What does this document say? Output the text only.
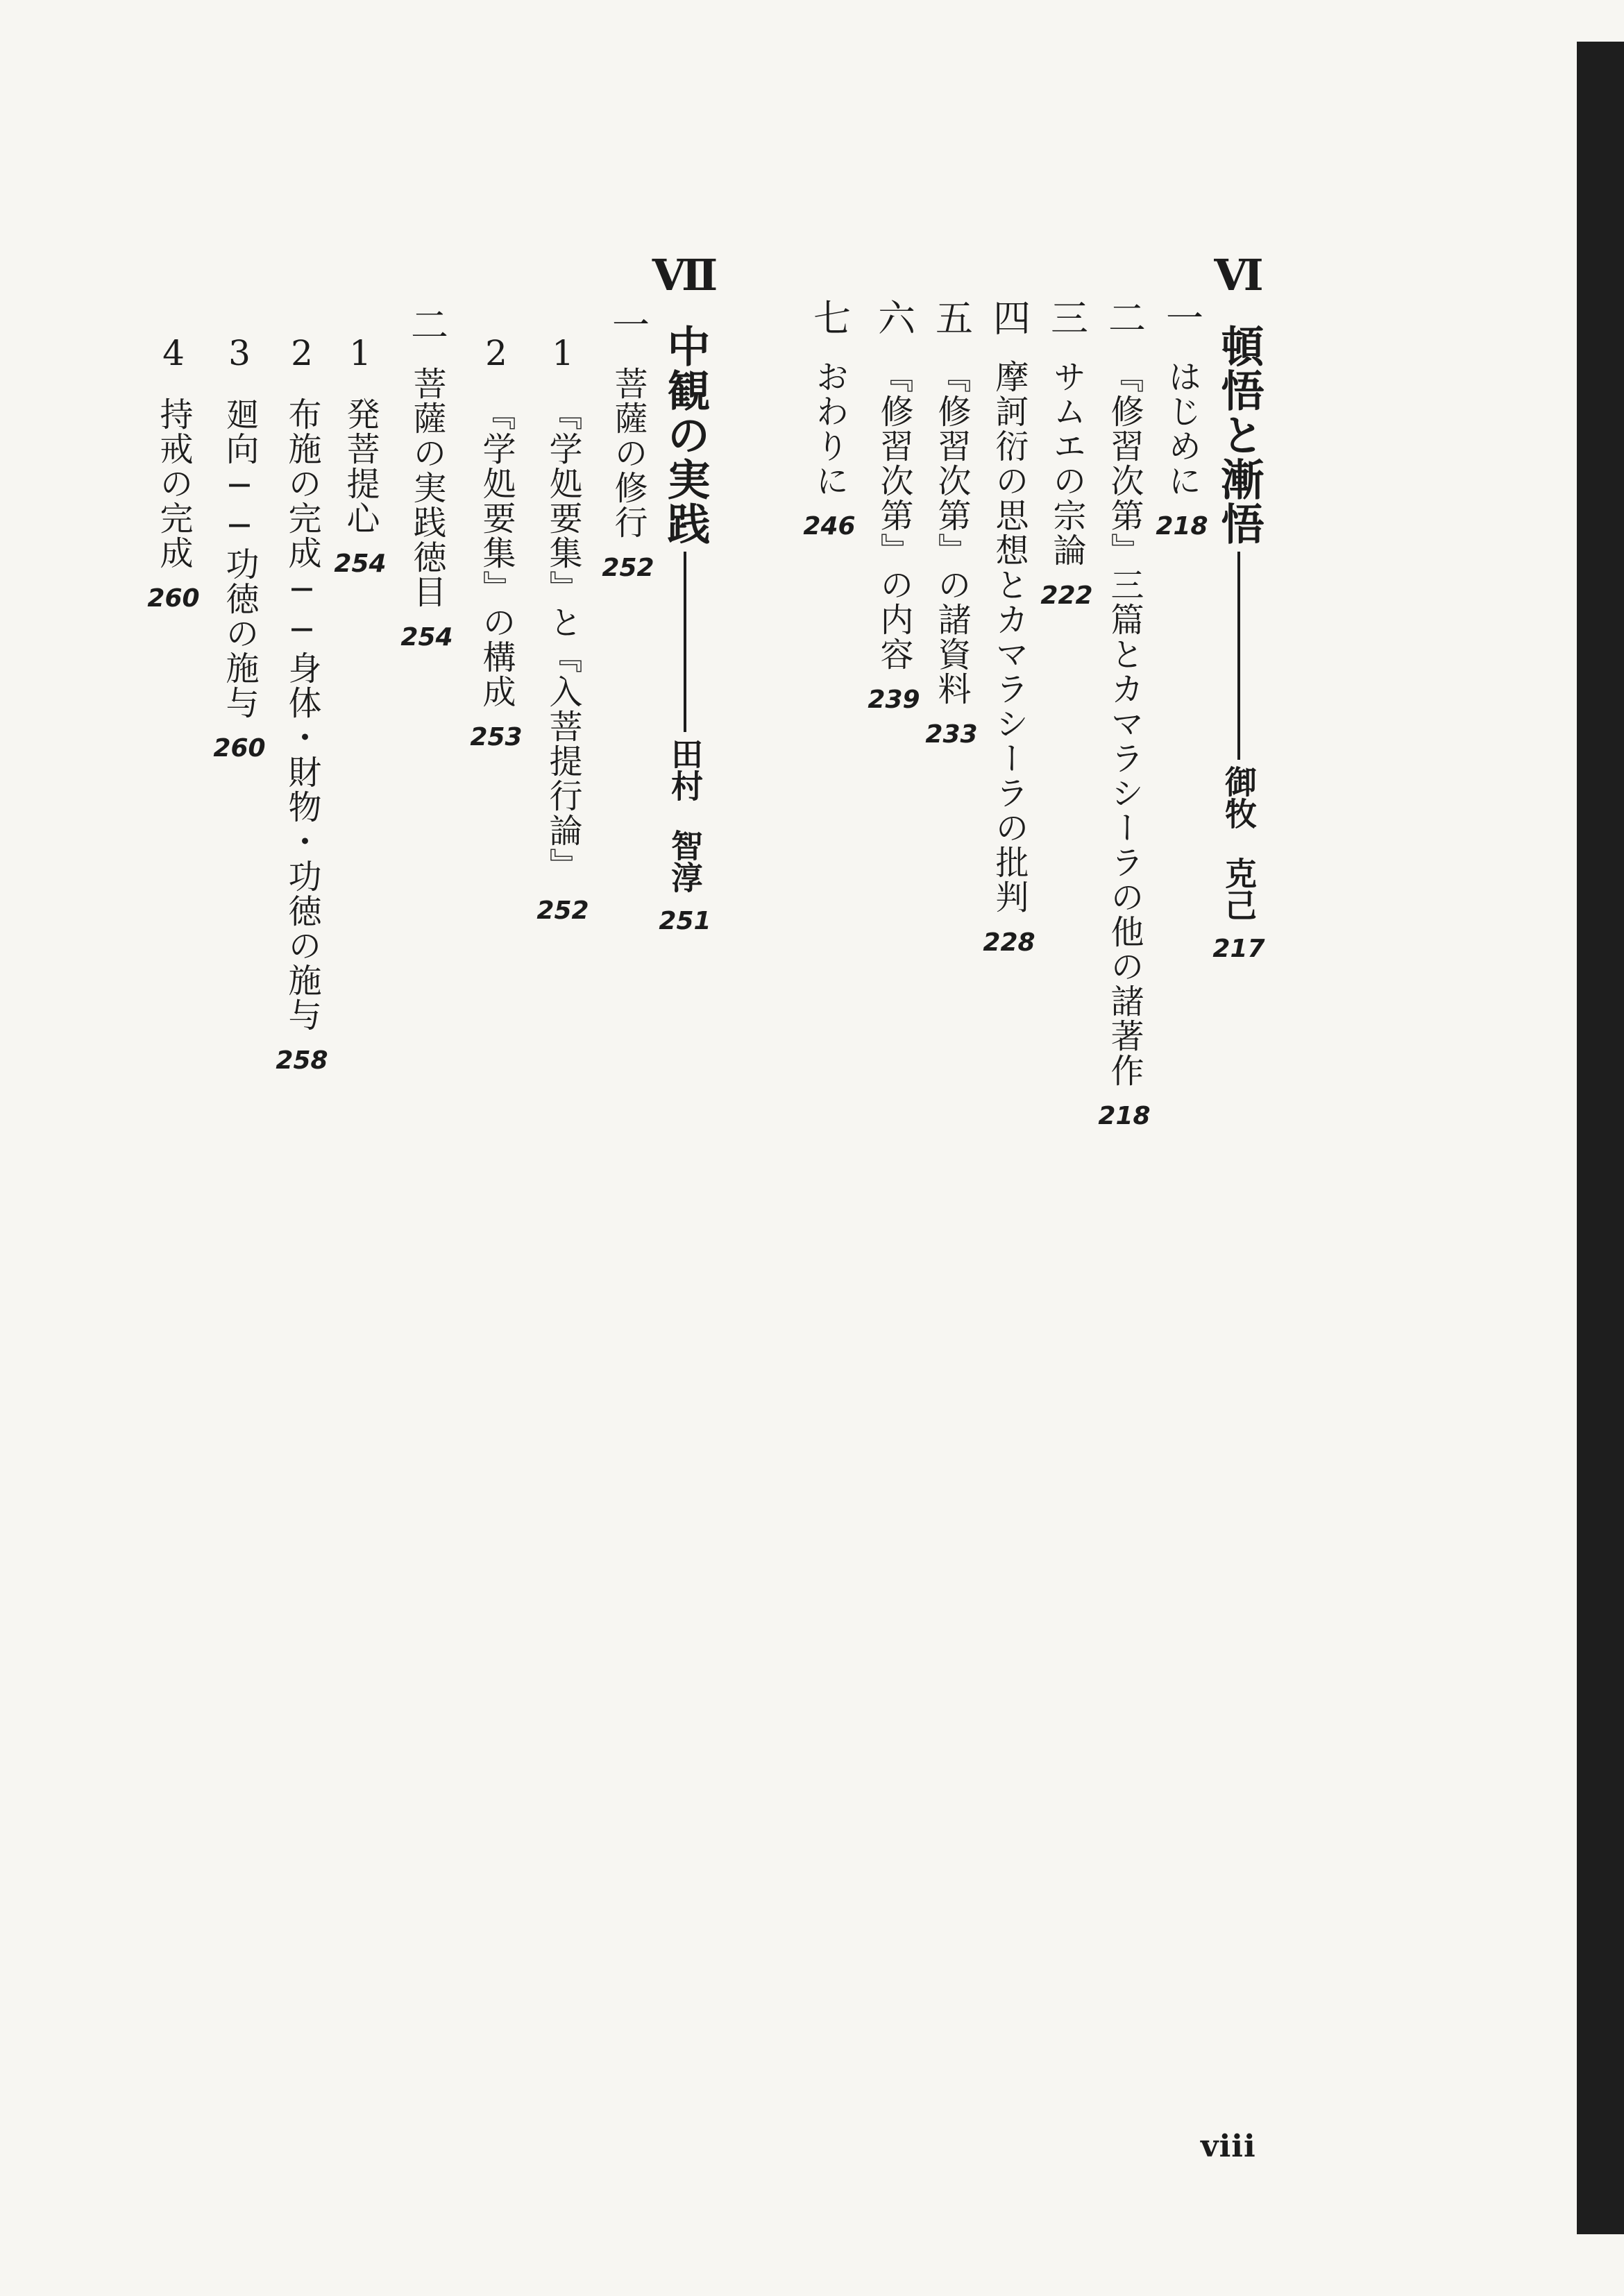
Ⅵ
頓悟と漸悟
御牧
克己
217
一
はじめに
218
二
『修習次第』三篇とカマラシーラの他の諸著作
218
三
サムエの宗論
222
四
摩訶衍の思想とカマラシーラの批判
228
五
『修習次第』の諸資料
233
六
『修習次第』の内容
239
七
おわりに
246
Ⅶ
中観の実践
田村
智淳
251
一
菩薩の修行
252
1
『学処要集』と『入菩提行論』
252
2
『学処要集』の構成
253
二
菩薩の実践徳目
254
1
発菩提心
254
2
布施の完成──身体・財物・功徳の施与
258
3
廻向──功徳の施与
260
4
持戒の完成
260
viii
